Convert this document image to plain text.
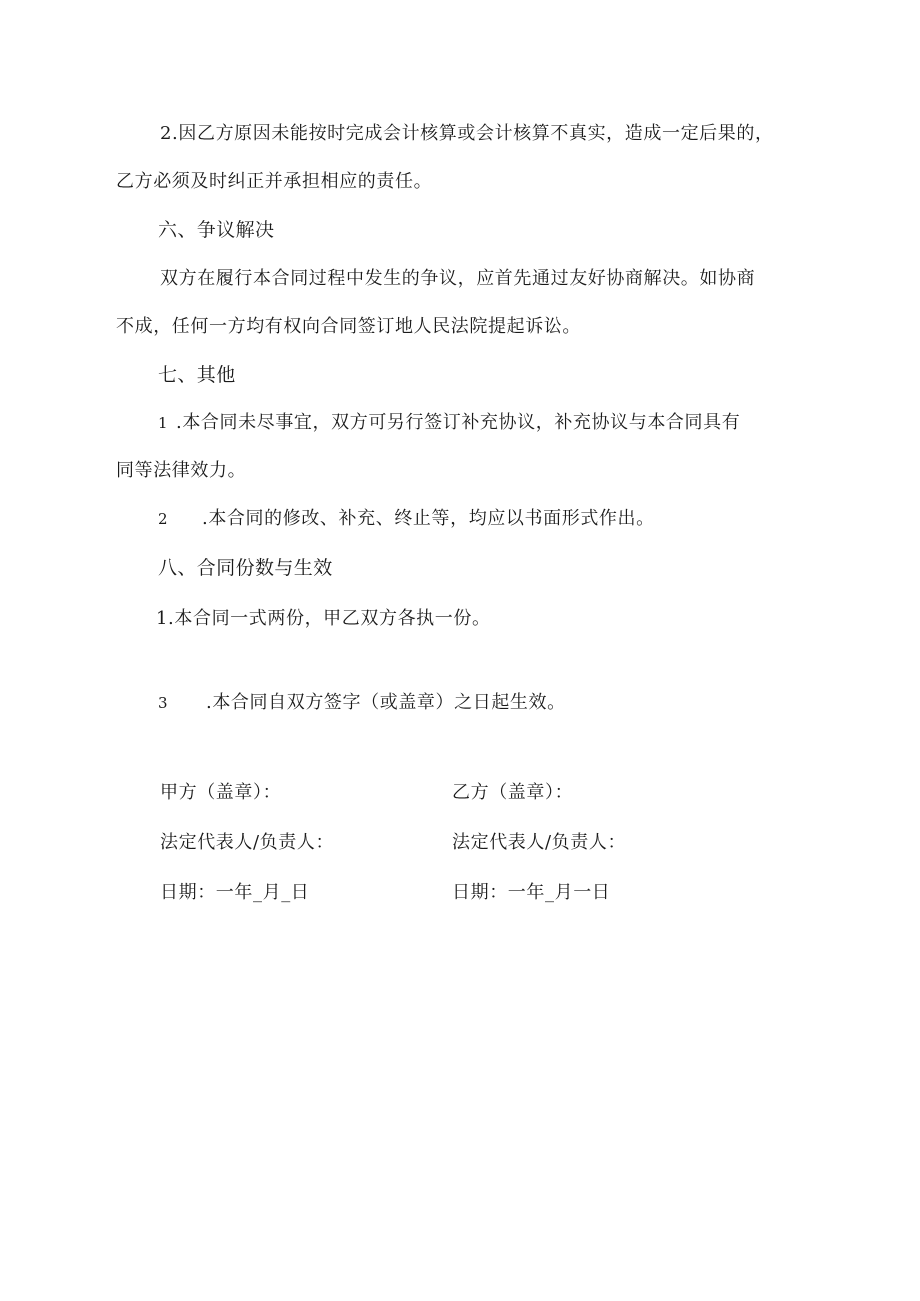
2.因乙方原因未能按时完成会计核算或会计核算不真实，造成一定后果的，
乙方必须及时纠正并承担相应的责任。
六、争议解决
双方在履行本合同过程中发生的争议，应首先通过友好协商解决。如协商
不成，任何一方均有权向合同签订地人民法院提起诉讼。
七、其他
1 .本合同未尽事宜，双方可另行签订补充协议，补充协议与本合同具有
同等法律效力。
2 .本合同的修改、补充、终止等，均应以书面形式作出。
八、合同份数与生效
1.本合同一式两份，甲乙双方各执一份。
3 .本合同自双方签字（或盖章）之日起生效。
甲方（盖章）：
法定代表人/负责人：
日期：一年_月_日
乙方（盖章）：
法定代表人/负责人：
日期：一年_月一日
